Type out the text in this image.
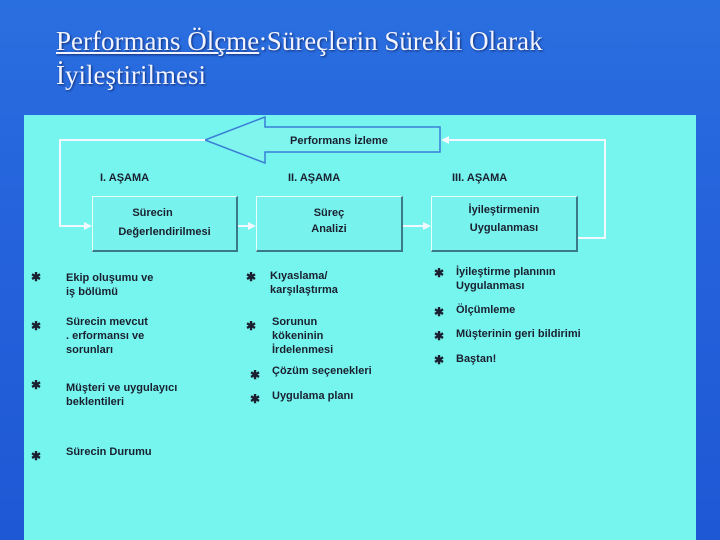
Performans Ölçme:Süreçlerin Sürekli Olarak
İyileştirilmesi
Performans İzleme
I. AŞAMA	II. AŞAMA	III. AŞAMA
Sürecin
Değerlendirilmesi
Süreç
Analizi
İyileştirmenin
Uygulanması
✱ Ekip oluşumu ve
iş bölümü
✱ Sürecin mevcut
. erformansı ve
sorunları
✱ Müşteri ve uygulayıcı
beklentileri
✱ Sürecin Durumu
✱ Kıyaslama/
karşılaştırma
✱ Sorunun
kökeninin
İrdelenmesi
✱ Çözüm seçenekleri
✱ Uygulama planı
✱ İyileştirme planının
Uygulanması
✱ Ölçümleme
✱ Müşterinin geri bildirimi
✱ Baştan!
